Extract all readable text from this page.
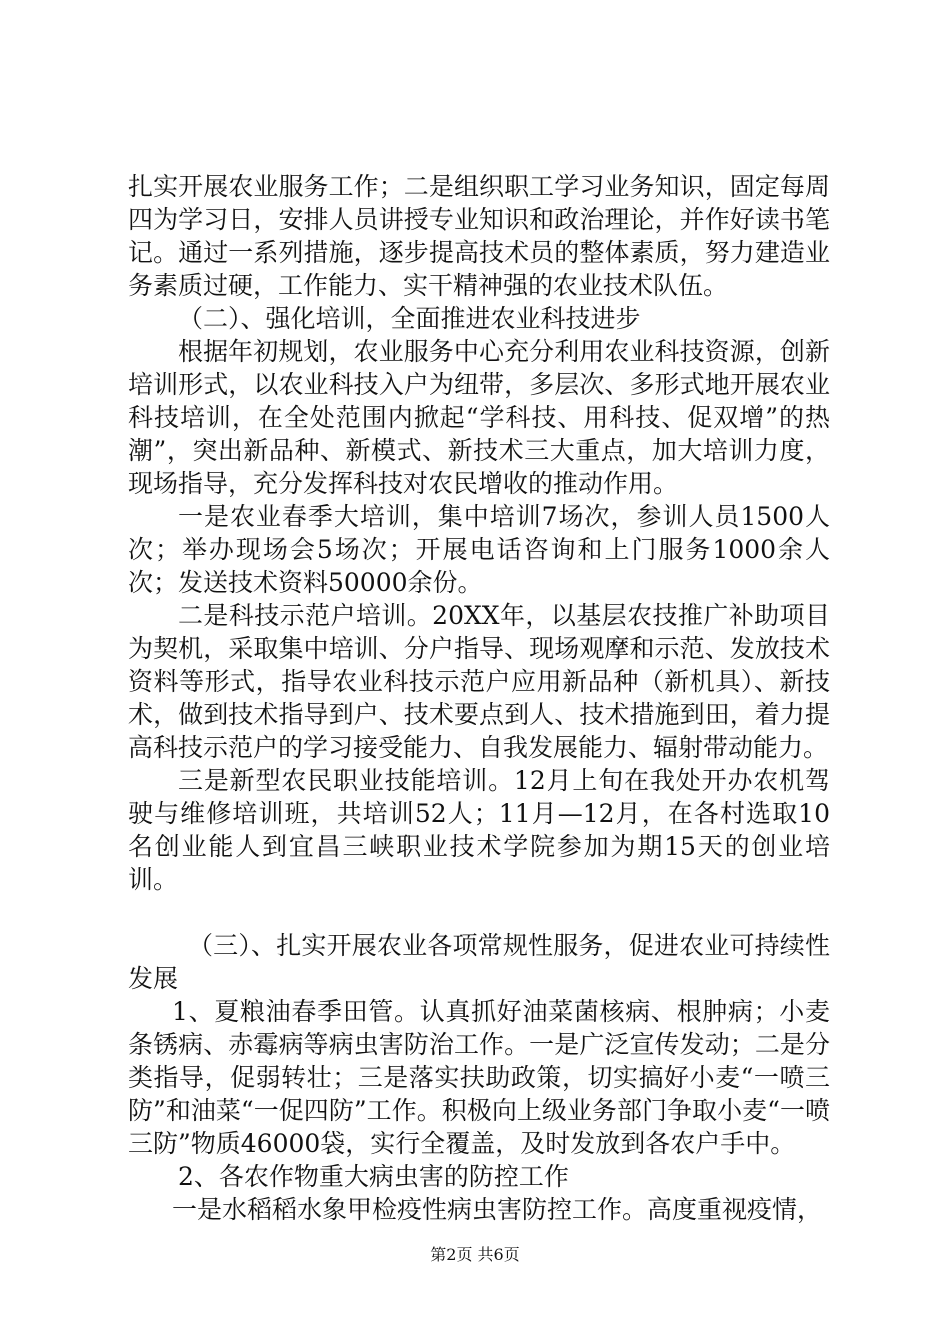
扎实开展农业服务工作；二是组织职工学习业务知识，固定每周四为学习日，安排人员讲授专业知识和政治理论，并作好读书笔记。通过一系列措施，逐步提高技术员的整体素质，努力建造业务素质过硬，工作能力、实干精神强的农业技术队伍。

（二）、强化培训，全面推进农业科技进步

根据年初规划，农业服务中心充分利用农业科技资源，创新培训形式，以农业科技入户为纽带，多层次、多形式地开展农业科技培训，在全处范围内掀起“学科技、用科技、促双增”的热潮”，突出新品种、新模式、新技术三大重点，加大培训力度，现场指导，充分发挥科技对农民增收的推动作用。

一是农业春季大培训，集中培训7场次，参训人员1500人次；举办现场会5场次；开展电话咨询和上门服务1000余人次；发送技术资料50000余份。

二是科技示范户培训。20XX年，以基层农技推广补助项目为契机，采取集中培训、分户指导、现场观摩和示范、发放技术资料等形式，指导农业科技示范户应用新品种（新机具）、新技术，做到技术指导到户、技术要点到人、技术措施到田，着力提高科技示范户的学习接受能力、自我发展能力、辐射带动能力。

三是新型农民职业技能培训。12月上旬在我处开办农机驾驶与维修培训班，共培训52人；11月—12月，在各村选取10名创业能人到宜昌三峡职业技术学院参加为期15天的创业培训。

（三）、扎实开展农业各项常规性服务，促进农业可持续性发展

1、夏粮油春季田管。认真抓好油菜菌核病、根肿病；小麦条锈病、赤霉病等病虫害防治工作。一是广泛宣传发动；二是分类指导，促弱转壮；三是落实扶助政策，切实搞好小麦“一喷三防”和油菜“一促四防”工作。积极向上级业务部门争取小麦“一喷三防”物质46000袋，实行全覆盖，及时发放到各农户手中。

2、各农作物重大病虫害的防控工作

一是水稻稻水象甲检疫性病虫害防控工作。高度重视疫情，

第2页 共6页
